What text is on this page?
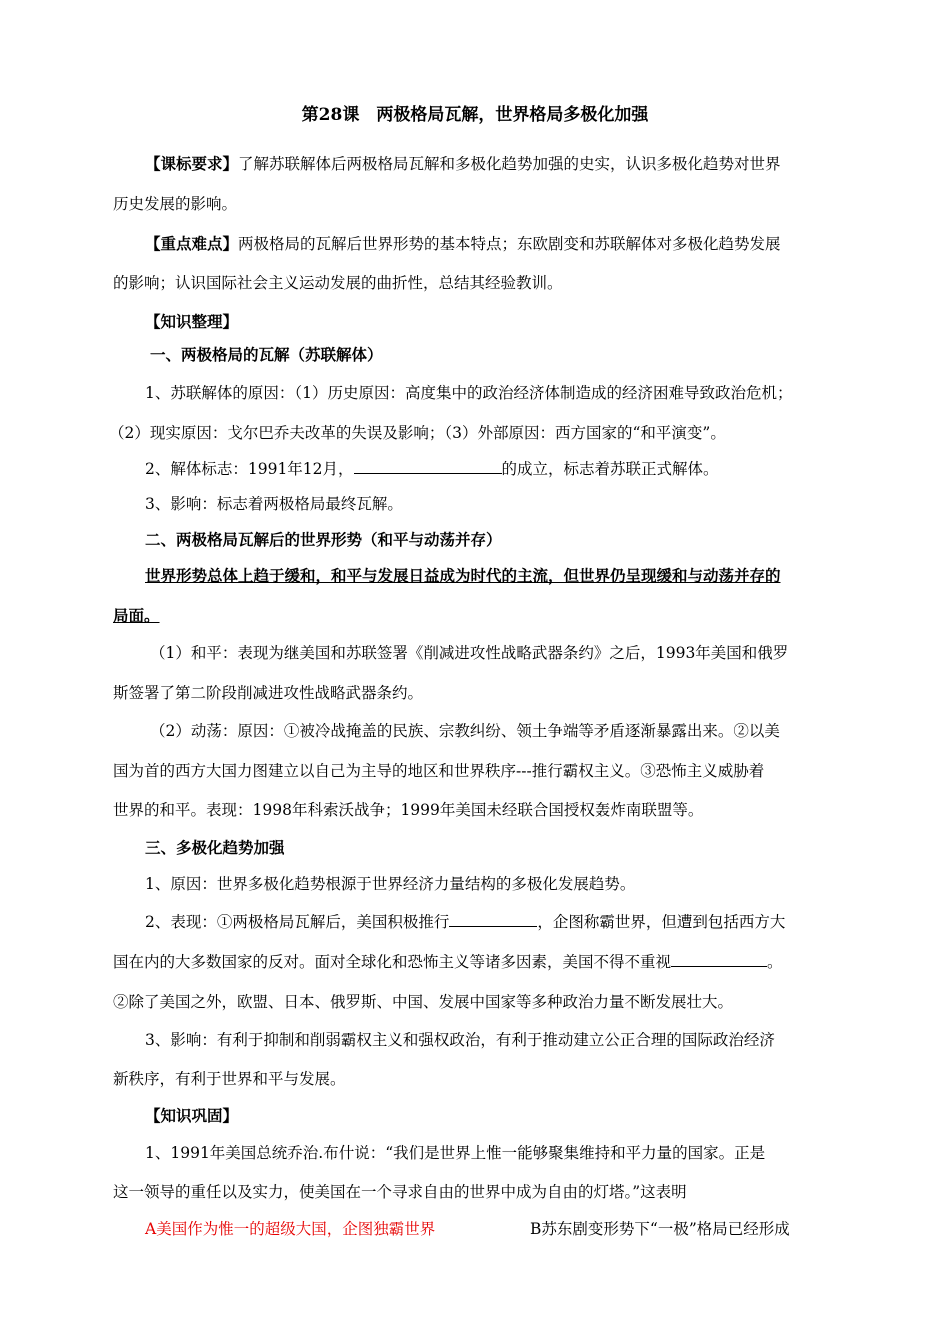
第28课　两极格局瓦解，世界格局多极化加强
【课标要求】了解苏联解体后两极格局瓦解和多极化趋势加强的史实，认识多极化趋势对世界
历史发展的影响。
【重点难点】两极格局的瓦解后世界形势的基本特点；东欧剧变和苏联解体对多极化趋势发展
的影响；认识国际社会主义运动发展的曲折性，总结其经验教训。
【知识整理】
一、两极格局的瓦解（苏联解体）
1、苏联解体的原因：（1）历史原因：高度集中的政治经济体制造成的经济困难导致政治危机；
（2）现实原因：戈尔巴乔夫改革的失误及影响；（3）外部原因：西方国家的“和平演变”。
2、解体标志：1991年12月，	的成立，标志着苏联正式解体。
3、影响：标志着两极格局最终瓦解。
二、两极格局瓦解后的世界形势（和平与动荡并存）
世界形势总体上趋于缓和，和平与发展日益成为时代的主流，但世界仍呈现缓和与动荡并存的
局面。
（1）和平：表现为继美国和苏联签署《削减进攻性战略武器条约》之后，1993年美国和俄罗
斯签署了第二阶段削减进攻性战略武器条约。
（2）动荡：原因：①被冷战掩盖的民族、宗教纠纷、领土争端等矛盾逐渐暴露出来。②以美
国为首的西方大国力图建立以自己为主导的地区和世界秩序---推行霸权主义。③恐怖主义威胁着
世界的和平。表现：1998年科索沃战争；1999年美国未经联合国授权轰炸南联盟等。
三、多极化趋势加强
1、原因：世界多极化趋势根源于世界经济力量结构的多极化发展趋势。
2、表现：①两极格局瓦解后，美国积极推行	，企图称霸世界，但遭到包括西方大
国在内的大多数国家的反对。面对全球化和恐怖主义等诸多因素，美国不得不重视	。
②除了美国之外，欧盟、日本、俄罗斯、中国、发展中国家等多种政治力量不断发展壮大。
3、影响：有利于抑制和削弱霸权主义和强权政治，有利于推动建立公正合理的国际政治经济
新秩序，有利于世界和平与发展。
【知识巩固】
1、1991年美国总统乔治.布什说：“我们是世界上惟一能够聚集维持和平力量的国家。正是
这一领导的重任以及实力，使美国在一个寻求自由的世界中成为自由的灯塔。”这表明
A美国作为惟一的超级大国，企图独霸世界	B苏东剧变形势下“一极”格局已经形成
